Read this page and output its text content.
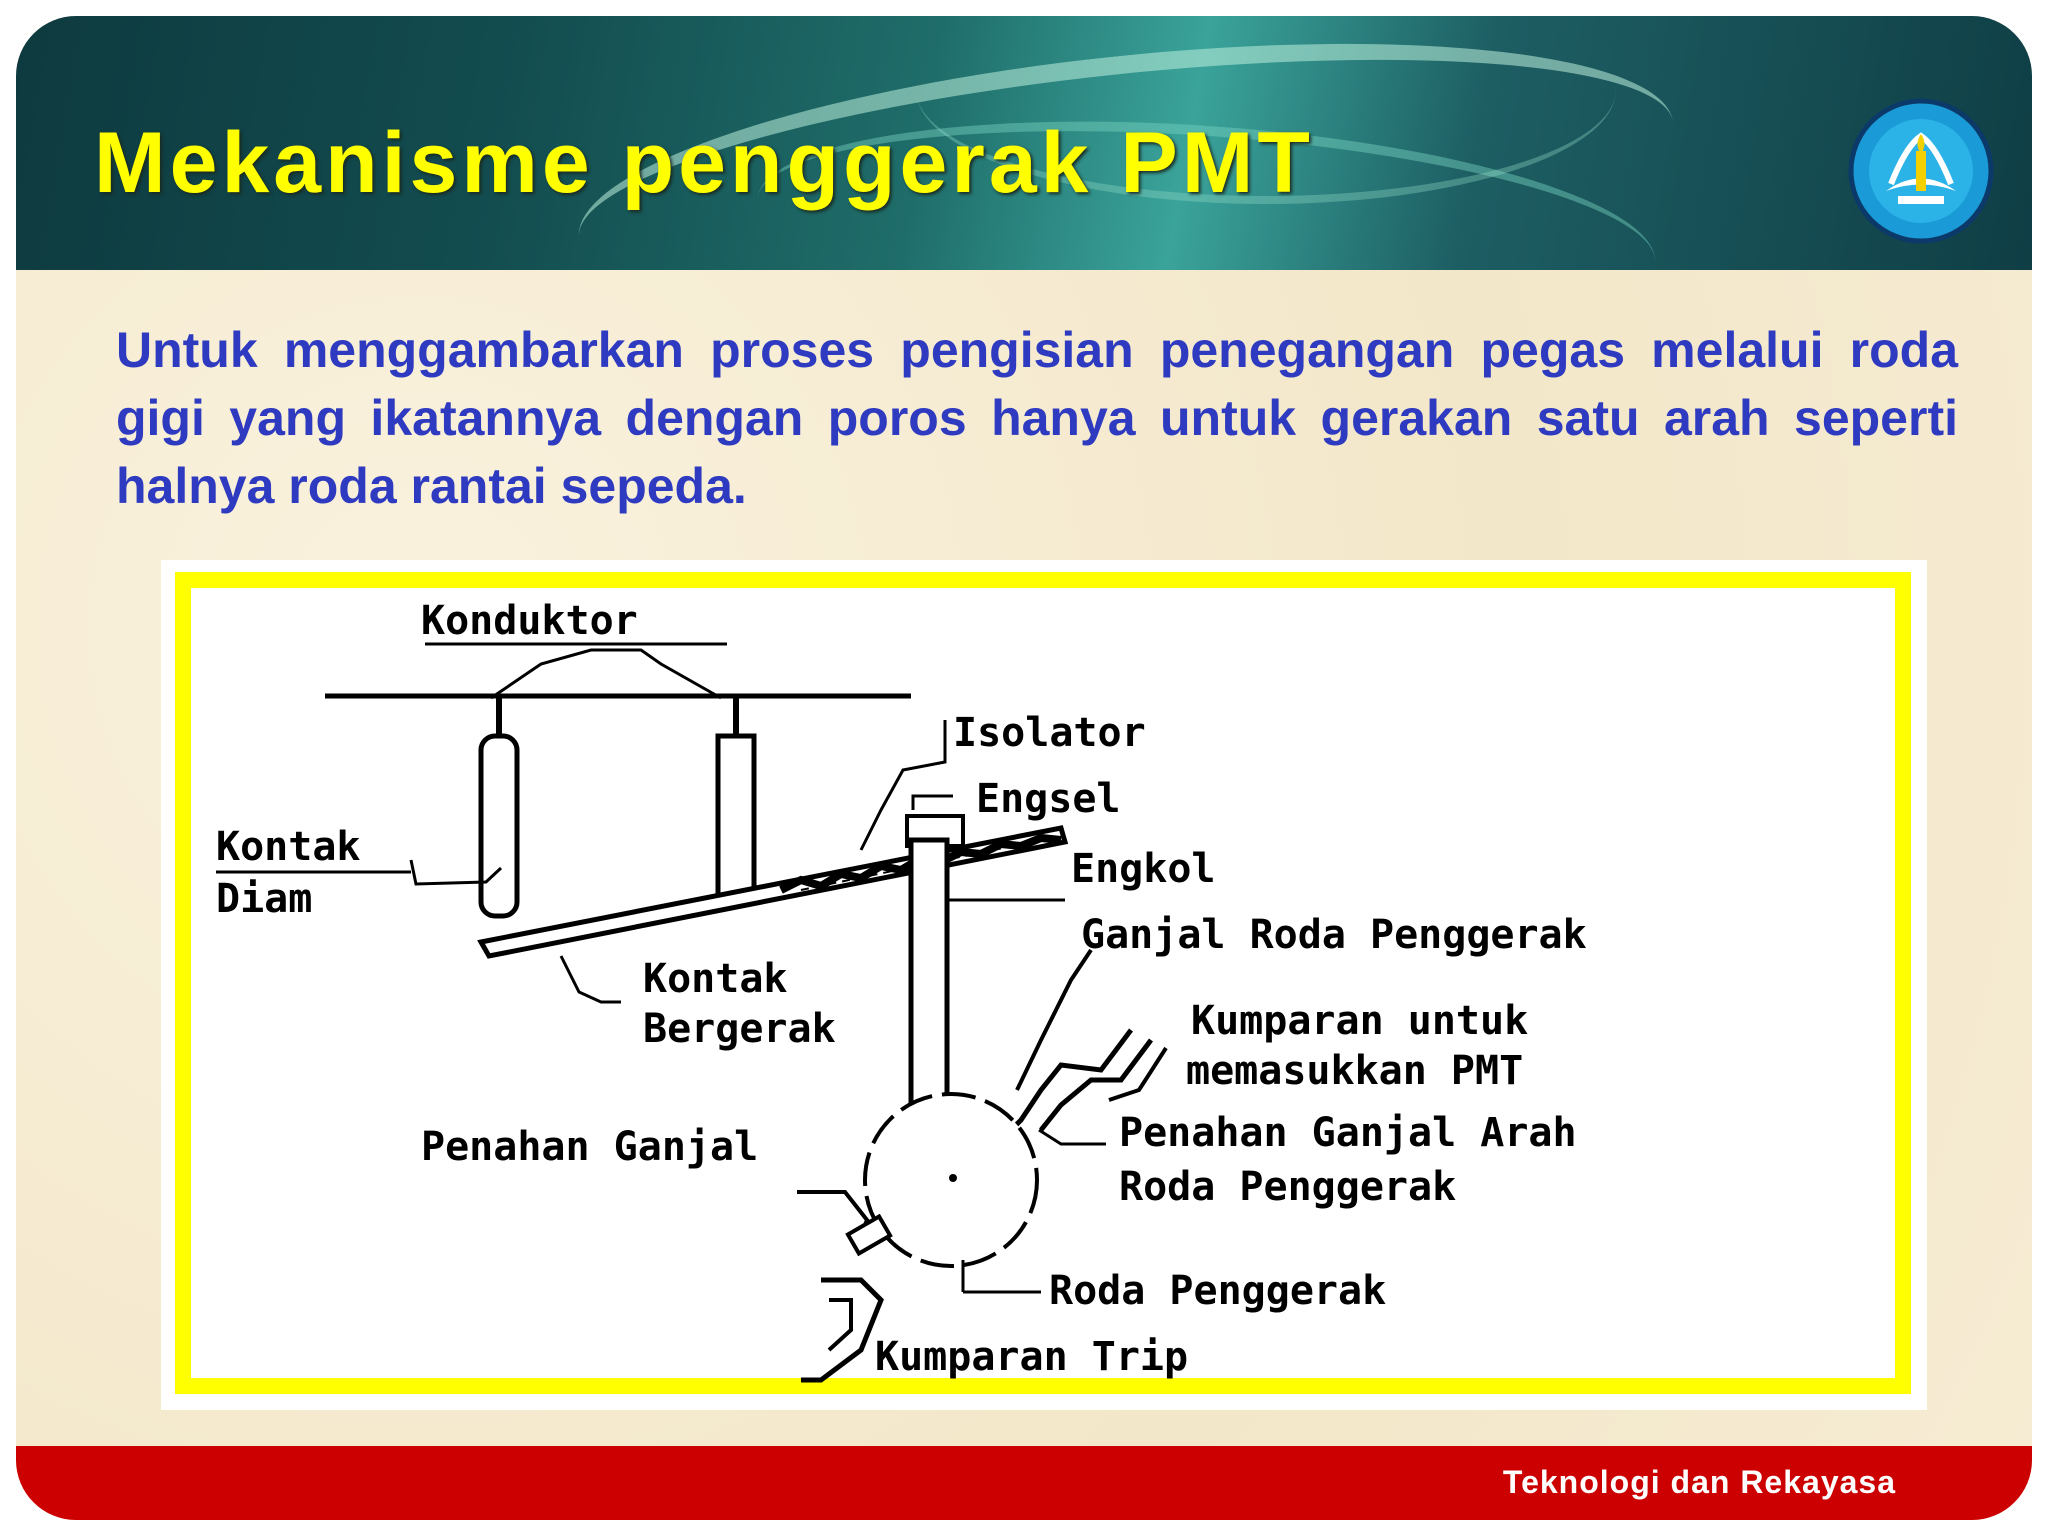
Mekanisme penggerak PMT

Untuk menggambarkan proses pengisian penegangan pegas melalui roda gigi yang ikatannya dengan poros hanya untuk gerakan satu arah seperti halnya roda rantai sepeda.

Konduktor
Kontak
Diam
Kontak
Bergerak
Isolator
Engsel
Engkol
Ganjal Roda Penggerak
Kumparan untuk
memasukkan PMT
Penahan Ganjal Arah
Roda Penggerak
Roda Penggerak
Penahan Ganjal
Kumparan Trip
Teknologi dan Rekayasa
